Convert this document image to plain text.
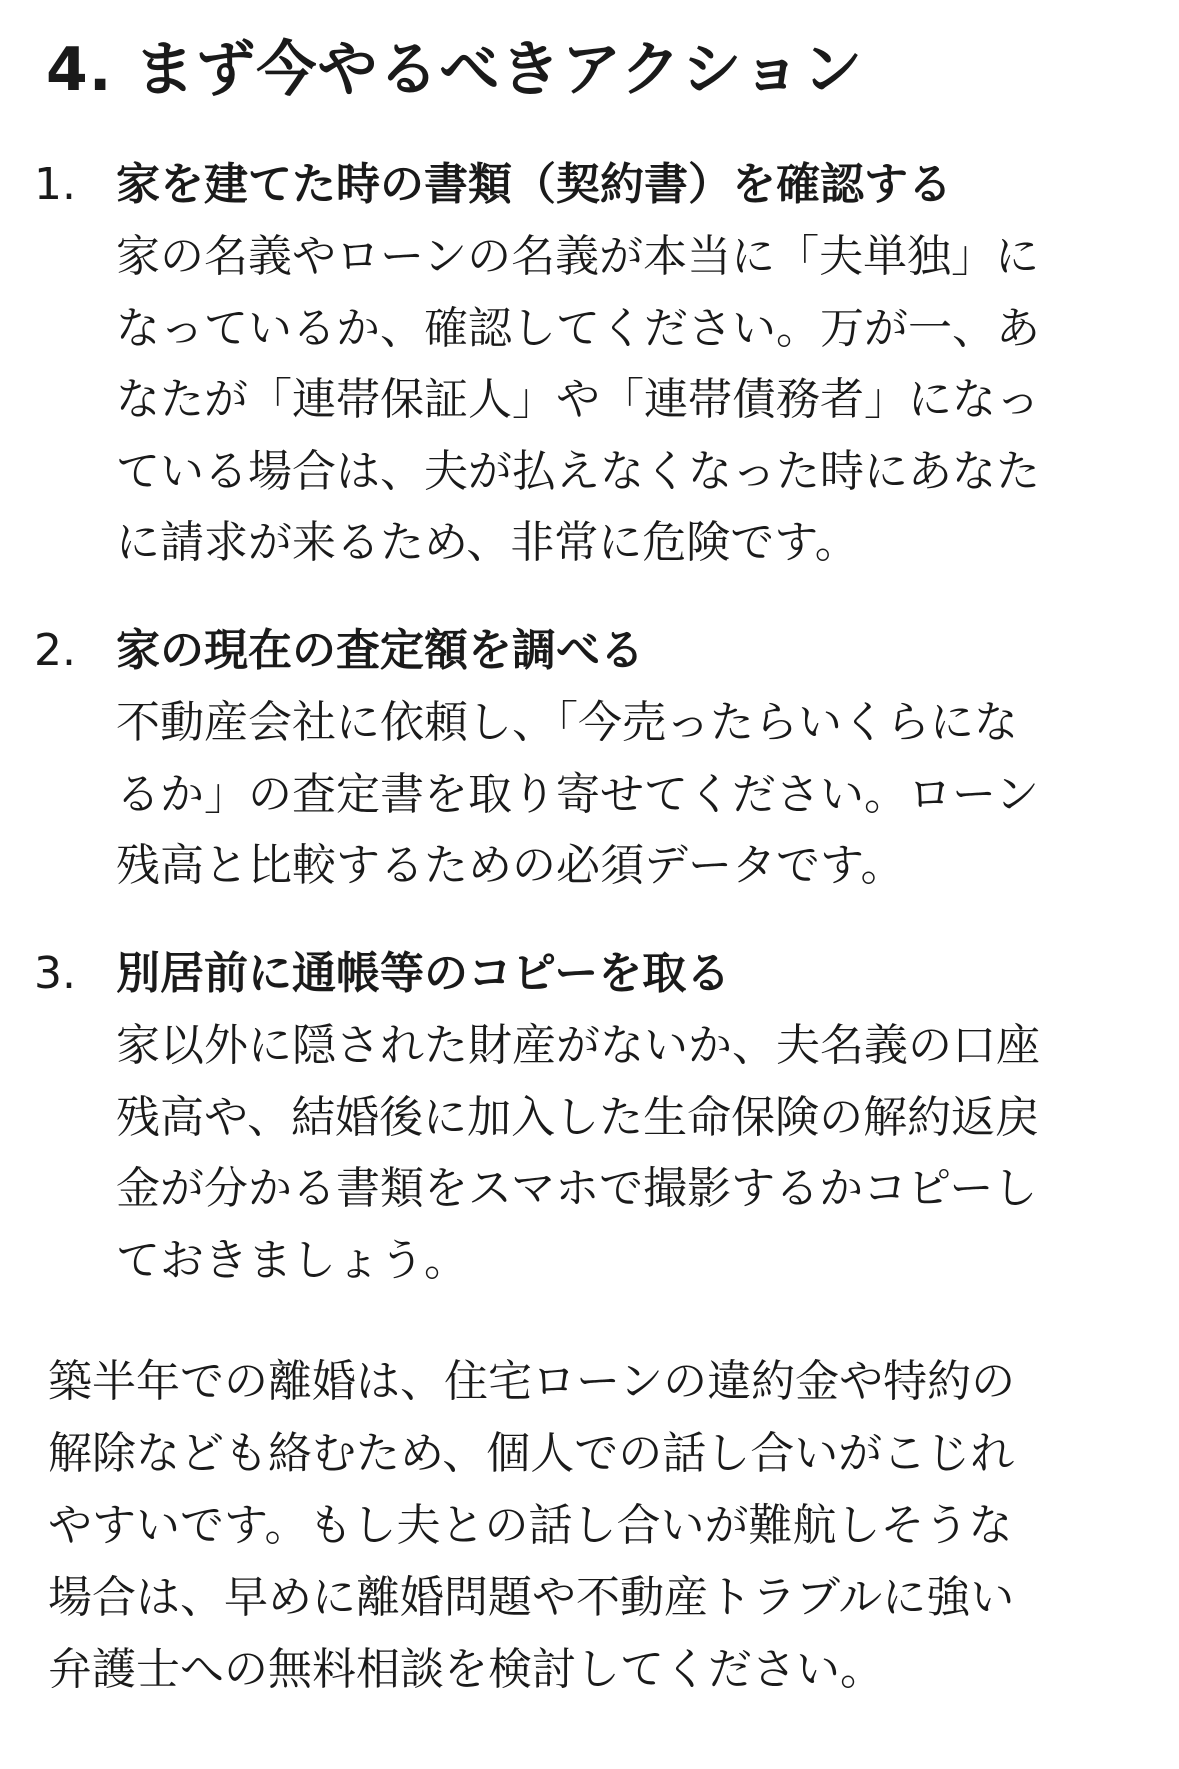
4. まず今やるべきアクション
1. 家を建てた時の書類（契約書）を確認する
家の名義やローンの名義が本当に「夫単独」に
なっているか、確認してください。万が一、あ
なたが「連帯保証人」や「連帯債務者」になっ
ている場合は、夫が払えなくなった時にあなた
に請求が来るため、非常に危険です。
2. 家の現在の査定額を調べる
不動産会社に依頼し、「今売ったらいくらにな
るか」の査定書を取り寄せてください。ローン
残高と比較するための必須データです。
3. 別居前に通帳等のコピーを取る
家以外に隠された財産がないか、夫名義の口座
残高や、結婚後に加入した生命保険の解約返戻
金が分かる書類をスマホで撮影するかコピーし
ておきましょう。

築半年での離婚は、住宅ローンの違約金や特約の
解除なども絡むため、個人での話し合いがこじれ
やすいです。もし夫との話し合いが難航しそうな
場合は、早めに離婚問題や不動産トラブルに強い
弁護士への無料相談を検討してください。
